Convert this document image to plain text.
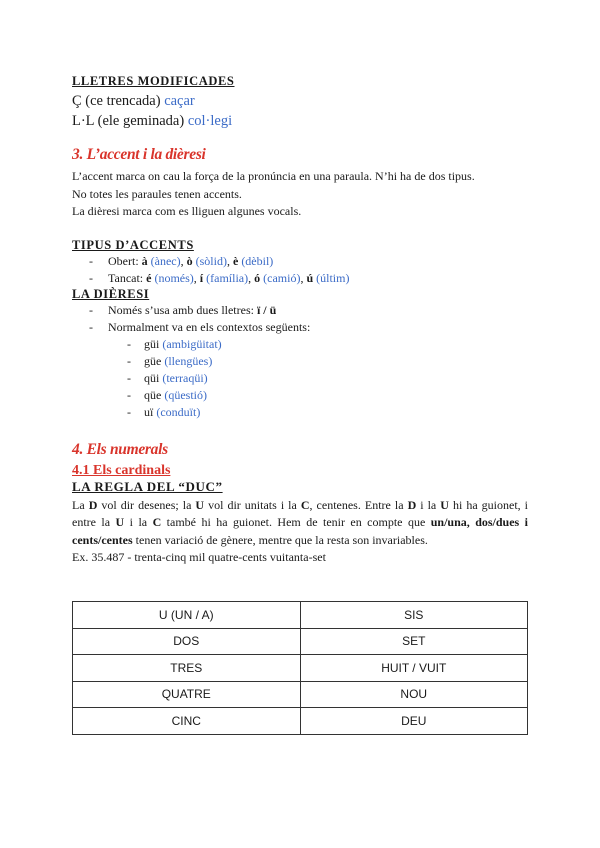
LLETRES MODIFICADES
Ç (ce trencada) caçar
L·L (ele geminada) col·legi
3. L’accent i la dièresi
L’accent marca on cau la força de la pronúncia en una paraula. N’hi ha de dos tipus.
No totes les paraules tenen accents.
La dièresi marca com es lliguen algunes vocals.
TIPUS D’ACCENTS
- Obert: à (ànec), ò (sòlid), è (dèbil)
- Tancat: é (només), í (família), ó (camió), ú (últim)
LA DIÈRESI
- Només s’usa amb dues lletres: ï / ü
- Normalment va en els contextos següents:
- güi (ambigüitat)
- güe (llengües)
- qüi (terraqüi)
- qüe (qüestió)
- uï (conduït)
4. Els numerals
4.1 Els cardinals
LA REGLA DEL “DUC”
La D vol dir desenes; la U vol dir unitats i la C, centenes. Entre la D i la U hi ha guionet, i entre la U i la C també hi ha guionet. Hem de tenir en compte que un/una, dos/dues i cents/centes tenen variació de gènere, mentre que la resta son invariables.
Ex. 35.487 - trenta-cinq mil quatre-cents vuitanta-set
U (UN / A)	SIS
DOS	SET
TRES	HUIT / VUIT
QUATRE	NOU
CINC	DEU
